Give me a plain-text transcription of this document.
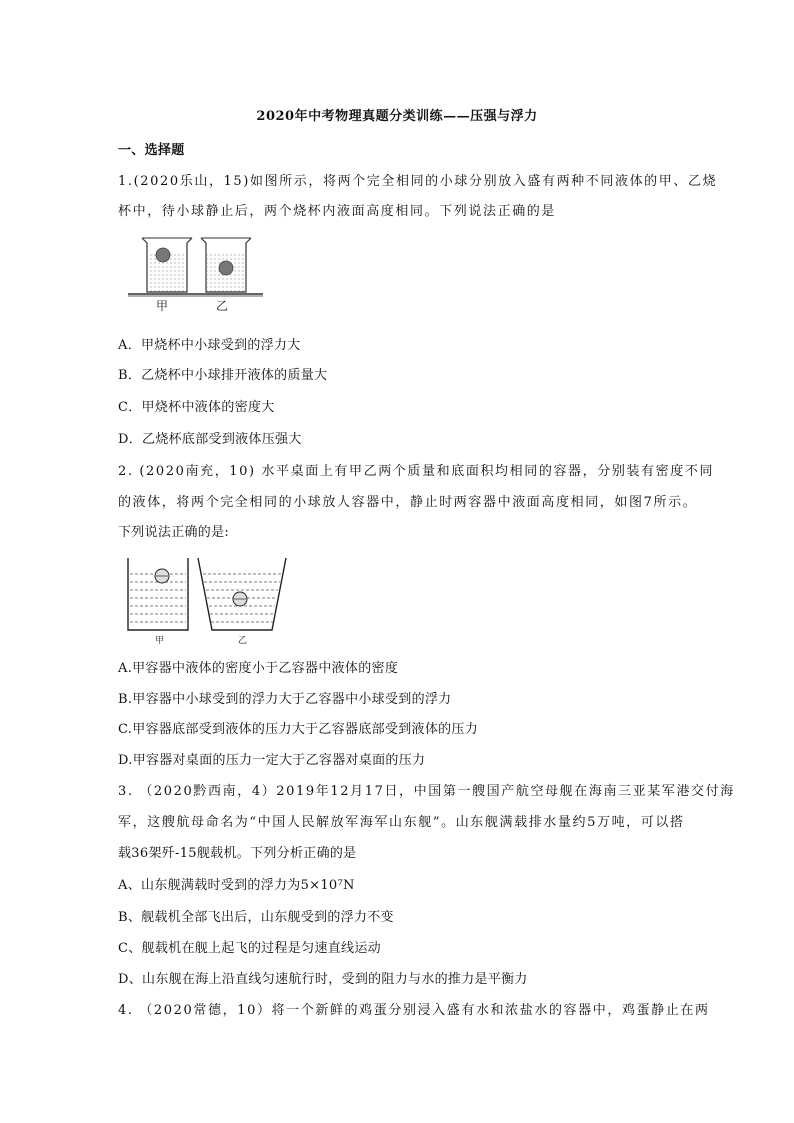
2020年中考物理真题分类训练——压强与浮力
一、选择题
1.(2020乐山，15)如图所示，将两个完全相同的小球分别放入盛有两种不同液体的甲、乙烧
杯中，待小球静止后，两个烧杯内液面高度相同。下列说法正确的是
甲	乙
A．甲烧杯中小球受到的浮力大
B．乙烧杯中小球排开液体的质量大
C．甲烧杯中液体的密度大
D．乙烧杯底部受到液体压强大
2. (2020南充，10) 水平桌面上有甲乙两个质量和底面积均相同的容器，分别装有密度不同
的液体，将两个完全相同的小球放人容器中，静止时两容器中液面高度相同，如图7所示。
下列说法正确的是:
甲	乙
A.甲容器中液体的密度小于乙容器中液体的密度
B.甲容器中小球受到的浮力大于乙容器中小球受到的浮力
C.甲容器底部受到液体的压力大于乙容器底部受到液体的压力
D.甲容器对桌面的压力一定大于乙容器对桌面的压力
3. （2020黔西南，4）2019年12月17日，中国第一艘国产航空母舰在海南三亚某军港交付海
军，这艘航母命名为“中国人民解放军海军山东舰”。山东舰满载排水量约5万吨，可以搭
载36架歼-15舰载机。下列分析正确的是
A、山东舰满载时受到的浮力为5×10⁷N
B、舰载机全部飞出后，山东舰受到的浮力不变
C、舰载机在舰上起飞的过程是匀速直线运动
D、山东舰在海上沿直线匀速航行时，受到的阻力与水的推力是平衡力
4. （2020常德，10）将一个新鲜的鸡蛋分别浸入盛有水和浓盐水的容器中，鸡蛋静止在两
